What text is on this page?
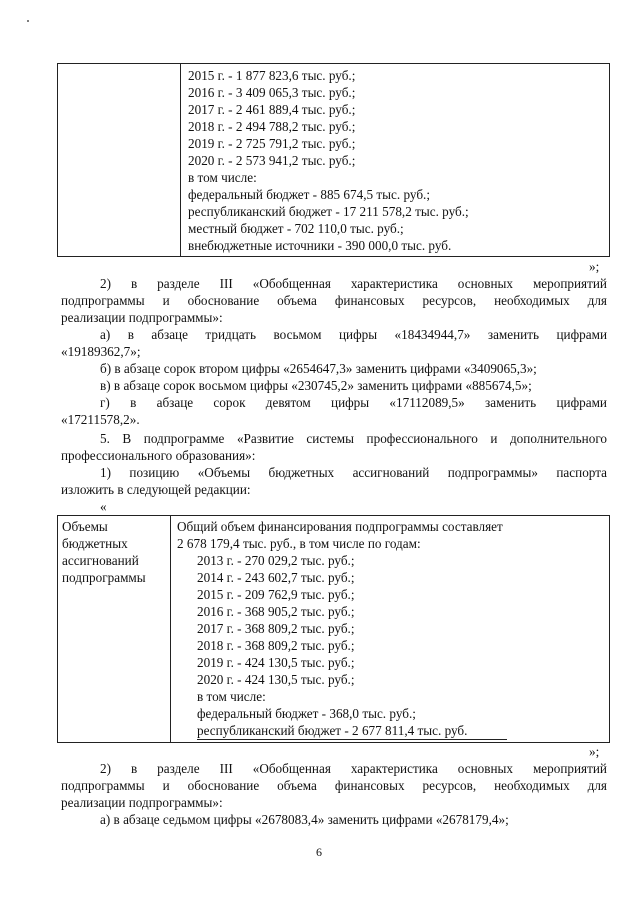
2015 г. - 1 877 823,6 тыс. руб.;
2016 г. - 3 409 065,3 тыс. руб.;
2017 г. - 2 461 889,4 тыс. руб.;
2018 г. - 2 494 788,2 тыс. руб.;
2019 г. - 2 725 791,2 тыс. руб.;
2020 г. - 2 573 941,2 тыс. руб.;
в том числе:
федеральный бюджет - 885 674,5 тыс. руб.;
республиканский бюджет - 17 211 578,2 тыс. руб.;
местный бюджет - 702 110,0 тыс. руб.;
внебюджетные источники - 390 000,0 тыс. руб.
»;
2) в разделе III «Обобщенная характеристика основных мероприятий
подпрограммы и обоснование объема финансовых ресурсов, необходимых для
реализации подпрограммы»:
а) в абзаце тридцать восьмом цифры «18434944,7» заменить цифрами
«19189362,7»;
б) в абзаце сорок втором цифры «2654647,3» заменить цифрами «3409065,3»;
в) в абзаце сорок восьмом цифры «230745,2» заменить цифрами «885674,5»;
г) в абзаце сорок девятом цифры «17112089,5» заменить цифрами
«17211578,2».
5. В подпрограмме «Развитие системы профессионального и дополнительного
профессионального образования»:
1) позицию «Объемы бюджетных ассигнований подпрограммы» паспорта
изложить в следующей редакции:
«
Объемы
бюджетных
ассигнований
подпрограммы

Общий объем финансирования подпрограммы составляет
2 678 179,4 тыс. руб., в том числе по годам:
2013 г. - 270 029,2 тыс. руб.;
2014 г. - 243 602,7 тыс. руб.;
2015 г. - 209 762,9 тыс. руб.;
2016 г. - 368 905,2 тыс. руб.;
2017 г. - 368 809,2 тыс. руб.;
2018 г. - 368 809,2 тыс. руб.;
2019 г. - 424 130,5 тыс. руб.;
2020 г. - 424 130,5 тыс. руб.;
в том числе:
федеральный бюджет - 368,0 тыс. руб.;
республиканский бюджет - 2 677 811,4 тыс. руб.
»;
2) в разделе III «Обобщенная характеристика основных мероприятий
подпрограммы и обоснование объема финансовых ресурсов, необходимых для
реализации подпрограммы»:
а) в абзаце седьмом цифры «2678083,4» заменить цифрами «2678179,4»;
6
